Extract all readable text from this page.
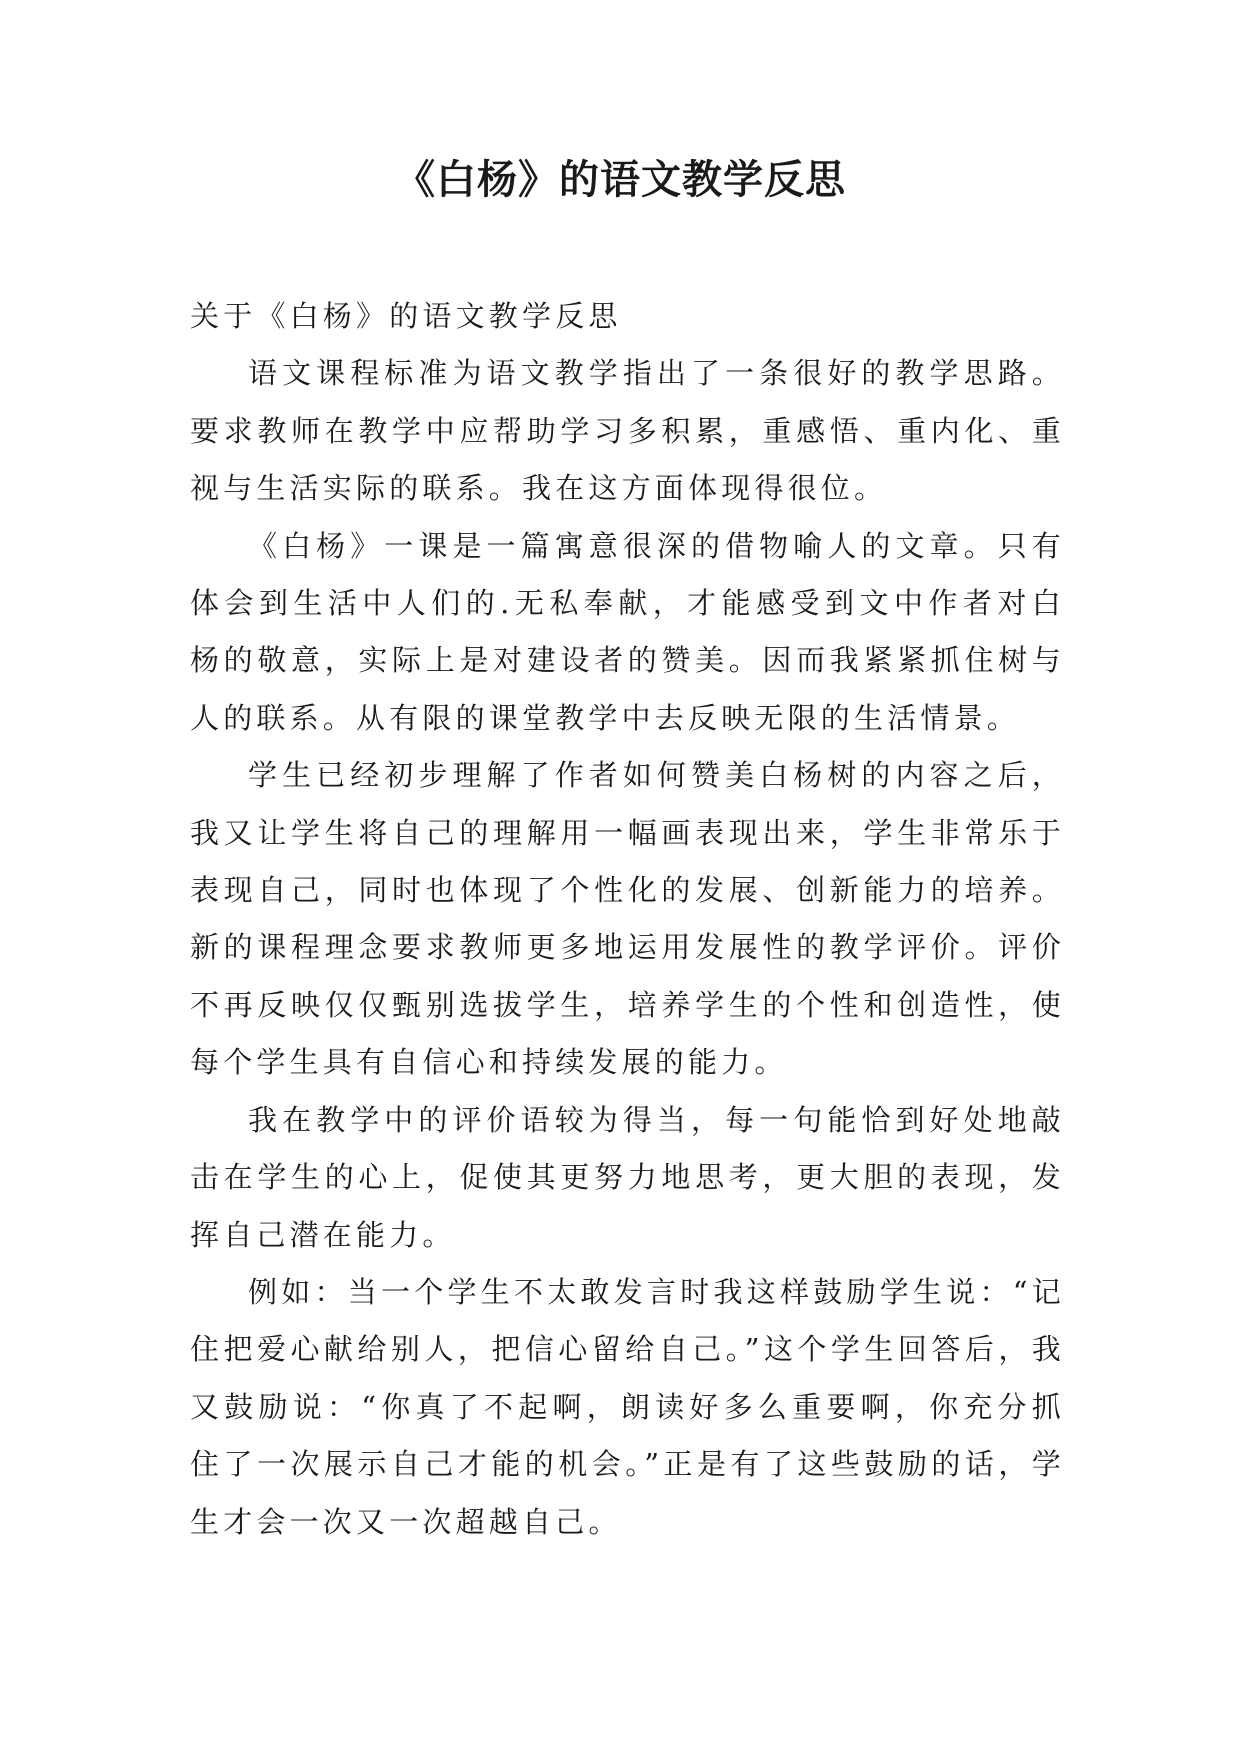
《白杨》的语文教学反思

关于《白杨》的语文教学反思

语文课程标准为语文教学指出了一条很好的教学思路。要求教师在教学中应帮助学习多积累，重感悟、重内化、重视与生活实际的联系。我在这方面体现得很位。

《白杨》一课是一篇寓意很深的借物喻人的文章。只有体会到生活中人们的.无私奉献，才能感受到文中作者对白杨的敬意，实际上是对建设者的赞美。因而我紧紧抓住树与人的联系。从有限的课堂教学中去反映无限的生活情景。

学生已经初步理解了作者如何赞美白杨树的内容之后，我又让学生将自己的理解用一幅画表现出来，学生非常乐于表现自己，同时也体现了个性化的发展、创新能力的培养。新的课程理念要求教师更多地运用发展性的教学评价。评价不再反映仅仅甄别选拔学生，培养学生的个性和创造性，使每个学生具有自信心和持续发展的能力。

我在教学中的评价语较为得当，每一句能恰到好处地敲击在学生的心上，促使其更努力地思考，更大胆的表现，发挥自己潜在能力。

例如：当一个学生不太敢发言时我这样鼓励学生说：“记住把爱心献给别人，把信心留给自己。”这个学生回答后，我又鼓励说：“你真了不起啊，朗读好多么重要啊，你充分抓住了一次展示自己才能的机会。”正是有了这些鼓励的话，学生才会一次又一次超越自己。
